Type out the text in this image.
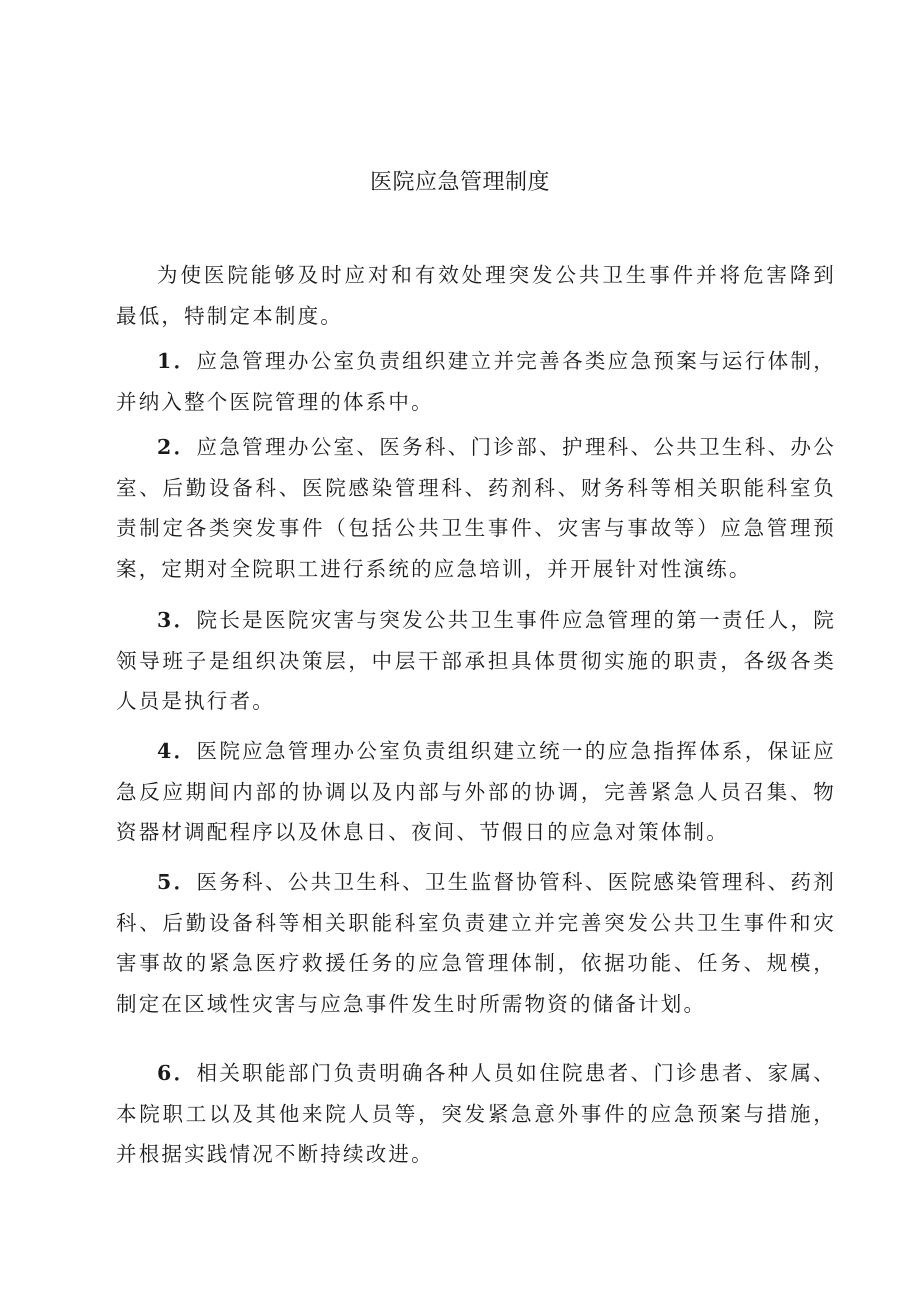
医院应急管理制度

为使医院能够及时应对和有效处理突发公共卫生事件并将危害降到最低，特制定本制度。

1．应急管理办公室负责组织建立并完善各类应急预案与运行体制，并纳入整个医院管理的体系中。

2．应急管理办公室、医务科、门诊部、护理科、公共卫生科、办公室、后勤设备科、医院感染管理科、药剂科、财务科等相关职能科室负责制定各类突发事件（包括公共卫生事件、灾害与事故等）应急管理预案，定期对全院职工进行系统的应急培训，并开展针对性演练。

3．院长是医院灾害与突发公共卫生事件应急管理的第一责任人，院领导班子是组织决策层，中层干部承担具体贯彻实施的职责，各级各类人员是执行者。

4．医院应急管理办公室负责组织建立统一的应急指挥体系，保证应急反应期间内部的协调以及内部与外部的协调，完善紧急人员召集、物资器材调配程序以及休息日、夜间、节假日的应急对策体制。

5．医务科、公共卫生科、卫生监督协管科、医院感染管理科、药剂科、后勤设备科等相关职能科室负责建立并完善突发公共卫生事件和灾害事故的紧急医疗救援任务的应急管理体制，依据功能、任务、规模，制定在区域性灾害与应急事件发生时所需物资的储备计划。

6．相关职能部门负责明确各种人员如住院患者、门诊患者、家属、本院职工以及其他来院人员等，突发紧急意外事件的应急预案与措施，并根据实践情况不断持续改进。
